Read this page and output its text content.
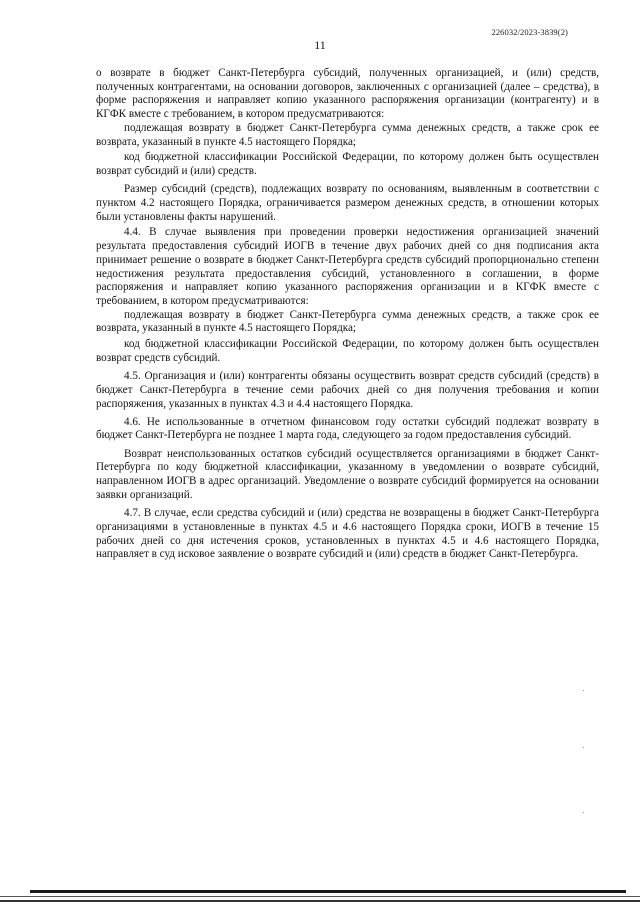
226032/2023-3839(2)
11

о возврате в бюджет Санкт-Петербурга субсидий, полученных организацией, и (или) средств, полученных контрагентами, на основании договоров, заключенных с организацией (далее – средства), в форме распоряжения и направляет копию указанного распоряжения организации (контрагенту) и в КГФК вместе с требованием, в котором предусматриваются:

подлежащая возврату в бюджет Санкт-Петербурга сумма денежных средств, а также срок ее возврата, указанный в пункте 4.5 настоящего Порядка;

код бюджетной классификации Российской Федерации, по которому должен быть осуществлен возврат субсидий и (или) средств.

Размер субсидий (средств), подлежащих возврату по основаниям, выявленным в соответствии с пунктом 4.2 настоящего Порядка, ограничивается размером денежных средств, в отношении которых были установлены факты нарушений.

4.4. В случае выявления при проведении проверки недостижения организацией значений результата предоставления субсидий ИОГВ в течение двух рабочих дней со дня подписания акта принимает решение о возврате в бюджет Санкт-Петербурга средств субсидий пропорционально степени недостижения результата предоставления субсидий, установленного в соглашении, в форме распоряжения и направляет копию указанного распоряжения организации и в КГФК вместе с требованием, в котором предусматриваются:

подлежащая возврату в бюджет Санкт-Петербурга сумма денежных средств, а также срок ее возврата, указанный в пункте 4.5 настоящего Порядка;

код бюджетной классификации Российской Федерации, по которому должен быть осуществлен возврат средств субсидий.

4.5. Организация и (или) контрагенты обязаны осуществить возврат средств субсидий (средств) в бюджет Санкт-Петербурга в течение семи рабочих дней со дня получения требования и копии распоряжения, указанных в пунктах 4.3 и 4.4 настоящего Порядка.

4.6. Не использованные в отчетном финансовом году остатки субсидий подлежат возврату в бюджет Санкт-Петербурга не позднее 1 марта года, следующего за годом предоставления субсидий.

Возврат неиспользованных остатков субсидий осуществляется организациями в бюджет Санкт-Петербурга по коду бюджетной классификации, указанному в уведомлении о возврате субсидий, направленном ИОГВ в адрес организаций. Уведомление о возврате субсидий формируется на основании заявки организаций.

4.7. В случае, если средства субсидий и (или) средства не возвращены в бюджет Санкт-Петербурга организациями в установленные в пунктах 4.5 и 4.6 настоящего Порядка сроки, ИОГВ в течение 15 рабочих дней со дня истечения сроков, установленных в пунктах 4.5 и 4.6 настоящего Порядка, направляет в суд исковое заявление о возврате субсидий и (или) средств в бюджет Санкт-Петербурга.
